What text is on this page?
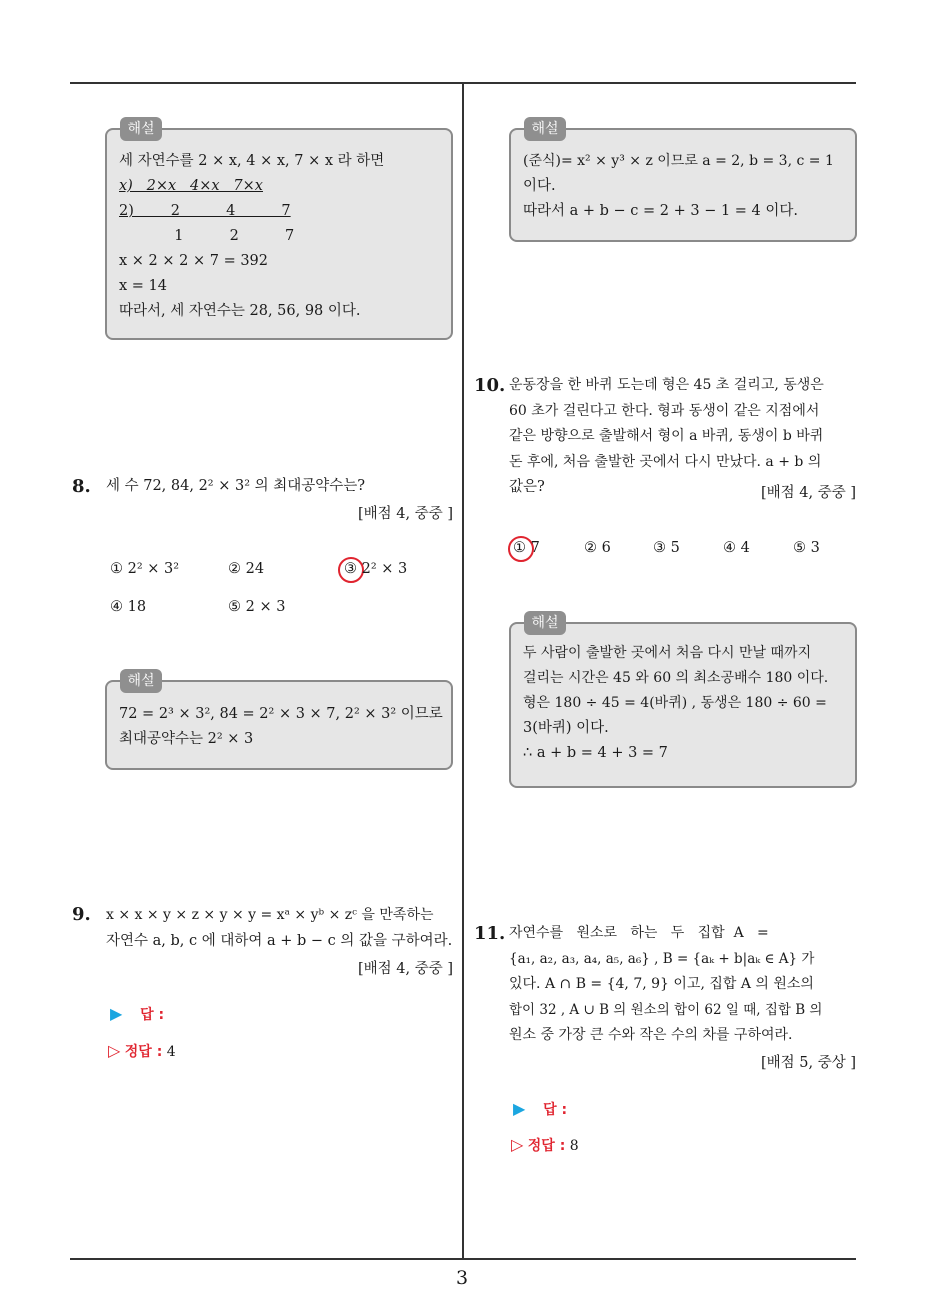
세 자연수를 2 × x, 4 × x, 7 × x 라 하면
x)   2×x   4×x   7×x
2)        2          4          7
1          2          7
x × 2 × 2 × 7 = 392
x = 14
따라서, 세 자연수는 28, 56, 98 이다.
해설
8. 세 수 72, 84, 2² × 3² 의 최대공약수는?
[배점 4, 중중 ]
① 2² × 3²	② 24	③ 2² × 3
④ 18	⑤ 2 × 3
72 = 2³ × 3², 84 = 2² × 3 × 7, 2² × 3² 이므로
최대공약수는 2² × 3
해설
9. x × x × y × z × y × y = xᵃ × yᵇ × zᶜ 을 만족하는
자연수 a, b, c 에 대하여 a + b − c 의 값을 구하여라.
[배점 4, 중중 ]
▶ 답 :
▷ 정답 : 4
(준식)= x² × y³ × z 이므로 a = 2, b = 3, c = 1
이다.
따라서 a + b − c = 2 + 3 − 1 = 4 이다.
해설
10. 운동장을 한 바퀴 도는데 형은 45 초 걸리고, 동생은
60 초가 걸린다고 한다. 형과 동생이 같은 지점에서
같은 방향으로 출발해서 형이 a 바퀴, 동생이 b 바퀴
돈 후에, 처음 출발한 곳에서 다시 만났다. a + b 의
값은?	[배점 4, 중중 ]
① 7	② 6	③ 5	④ 4	⑤ 3
두 사람이 출발한 곳에서 처음 다시 만날 때까지
걸리는 시간은 45 와 60 의 최소공배수 180 이다.
형은 180 ÷ 45 = 4(바퀴) , 동생은 180 ÷ 60 =
3(바퀴) 이다.
∴ a + b = 4 + 3 = 7
해설
11. 자연수를   원소로   하는   두   집합  A   =
{a₁, a₂, a₃, a₄, a₅, a₆} , B = {aₖ + b|aₖ ∈ A} 가
있다. A ∩ B = {4, 7, 9} 이고, 집합 A 의 원소의
합이 32 , A ∪ B 의 원소의 합이 62 일 때, 집합 B 의
원소 중 가장 큰 수와 작은 수의 차를 구하여라.
[배점 5, 중상 ]
▶ 답 :
▷ 정답 : 8
3
